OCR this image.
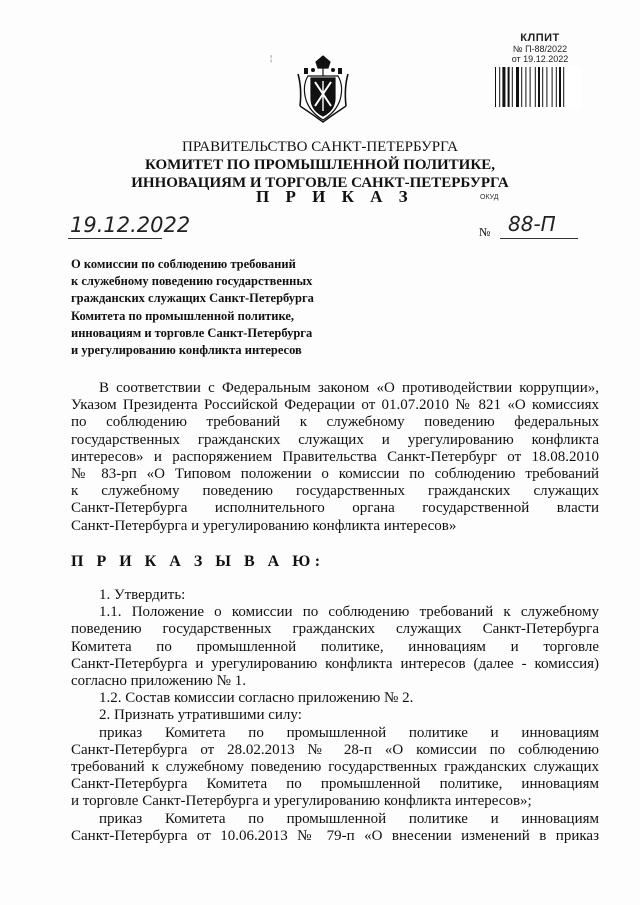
КЛПИТ
№ П-88/2022
от 19.12.2022
¦
ПРАВИТЕЛЬСТВО САНКТ-ПЕТЕРБУРГА
КОМИТЕТ ПО ПРОМЫШЛЕННОЙ ПОЛИТИКЕ,
ИННОВАЦИЯМ И ТОРГОВЛЕ САНКТ-ПЕТЕРБУРГА
П Р И К А З	ОКУД
19.12.2022	№ 88-П
О комиссии по соблюдению требований
к служебному поведению государственных
гражданских служащих Санкт-Петербурга
Комитета по промышленной политике,
инновациям и торговле Санкт-Петербурга
и урегулированию конфликта интересов
В соответствии с Федеральным законом «О противодействии коррупции»,
Указом Президента Российской Федерации от 01.07.2010 № 821 «О комиссиях
по соблюдению требований к служебному поведению федеральных
государственных гражданских служащих и урегулированию конфликта
интересов» и распоряжением Правительства Санкт-Петербург от 18.08.2010
№ 83-рп «О Типовом положении о комиссии по соблюдению требований
к служебному поведению государственных гражданских служащих
Санкт-Петербурга исполнительного органа государственной власти
Санкт-Петербурга и урегулированию конфликта интересов»
П Р И К А З Ы В А Ю:
1. Утвердить:
1.1. Положение о комиссии по соблюдению требований к служебному
поведению государственных гражданских служащих Санкт-Петербурга
Комитета по промышленной политике, инновациям и торговле
Санкт-Петербурга и урегулированию конфликта интересов (далее - комиссия)
согласно приложению № 1.
1.2. Состав комиссии согласно приложению № 2.
2. Признать утратившими силу:
приказ Комитета по промышленной политике и инновациям
Санкт-Петербурга от 28.02.2013 № 28-п «О комиссии по соблюдению
требований к служебному поведению государственных гражданских служащих
Санкт-Петербурга Комитета по промышленной политике, инновациям
и торговле Санкт-Петербурга и урегулированию конфликта интересов»;
приказ Комитета по промышленной политике и инновациям
Санкт-Петербурга от 10.06.2013 № 79-п «О внесении изменений в приказ
